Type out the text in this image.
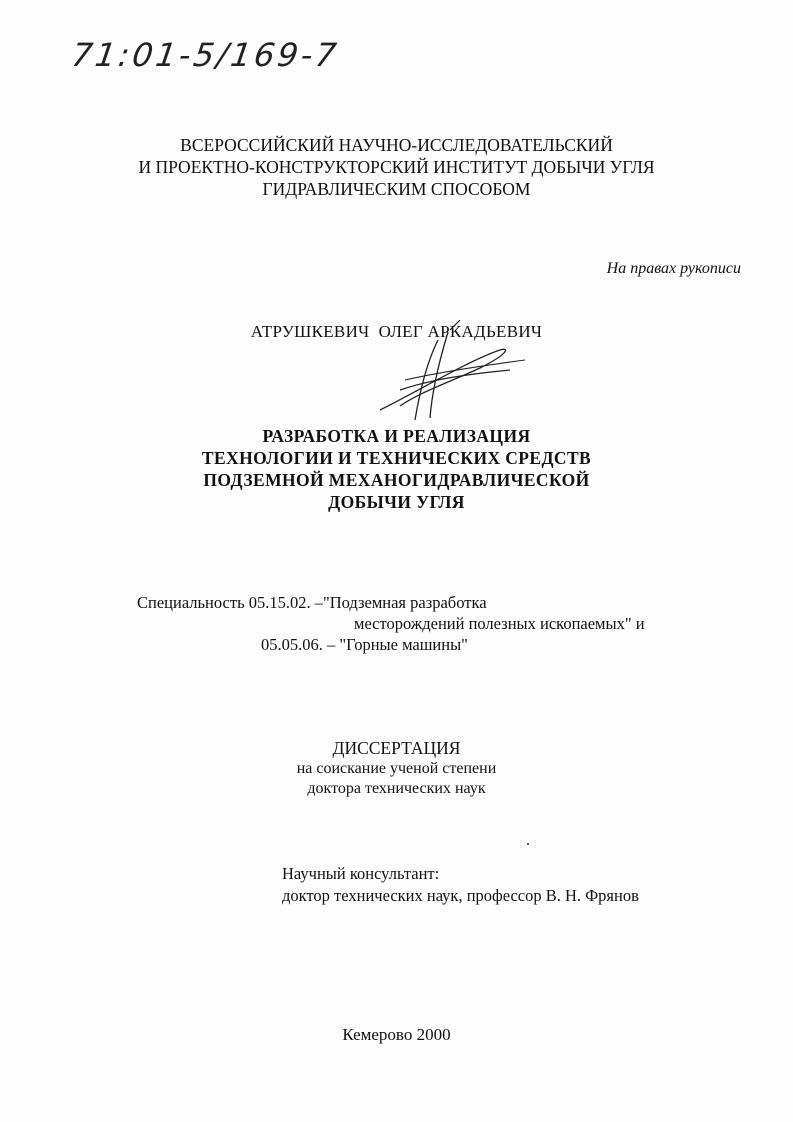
71:01-5/169-7
ВСЕРОССИЙСКИЙ НАУЧНО-ИССЛЕДОВАТЕЛЬСКИЙ
И ПРОЕКТНО-КОНСТРУКТОРСКИЙ ИНСТИТУТ ДОБЫЧИ УГЛЯ
ГИДРАВЛИЧЕСКИМ СПОСОБОМ
На правах рукописи
АТРУШКЕВИЧ  ОЛЕГ АРКАДЬЕВИЧ
РАЗРАБОТКА И РЕАЛИЗАЦИЯ
ТЕХНОЛОГИИ И ТЕХНИЧЕСКИХ СРЕДСТВ
ПОДЗЕМНОЙ МЕХАНОГИДРАВЛИЧЕСКОЙ
ДОБЫЧИ УГЛЯ
Специальность 05.15.02. –"Подземная разработка
месторождений полезных ископаемых" и
05.05.06. – "Горные машины"
ДИССЕРТАЦИЯ
на соискание ученой степени
доктора технических наук
Научный консультант:
доктор технических наук, профессор В. Н. Фрянов
Кемерово 2000
